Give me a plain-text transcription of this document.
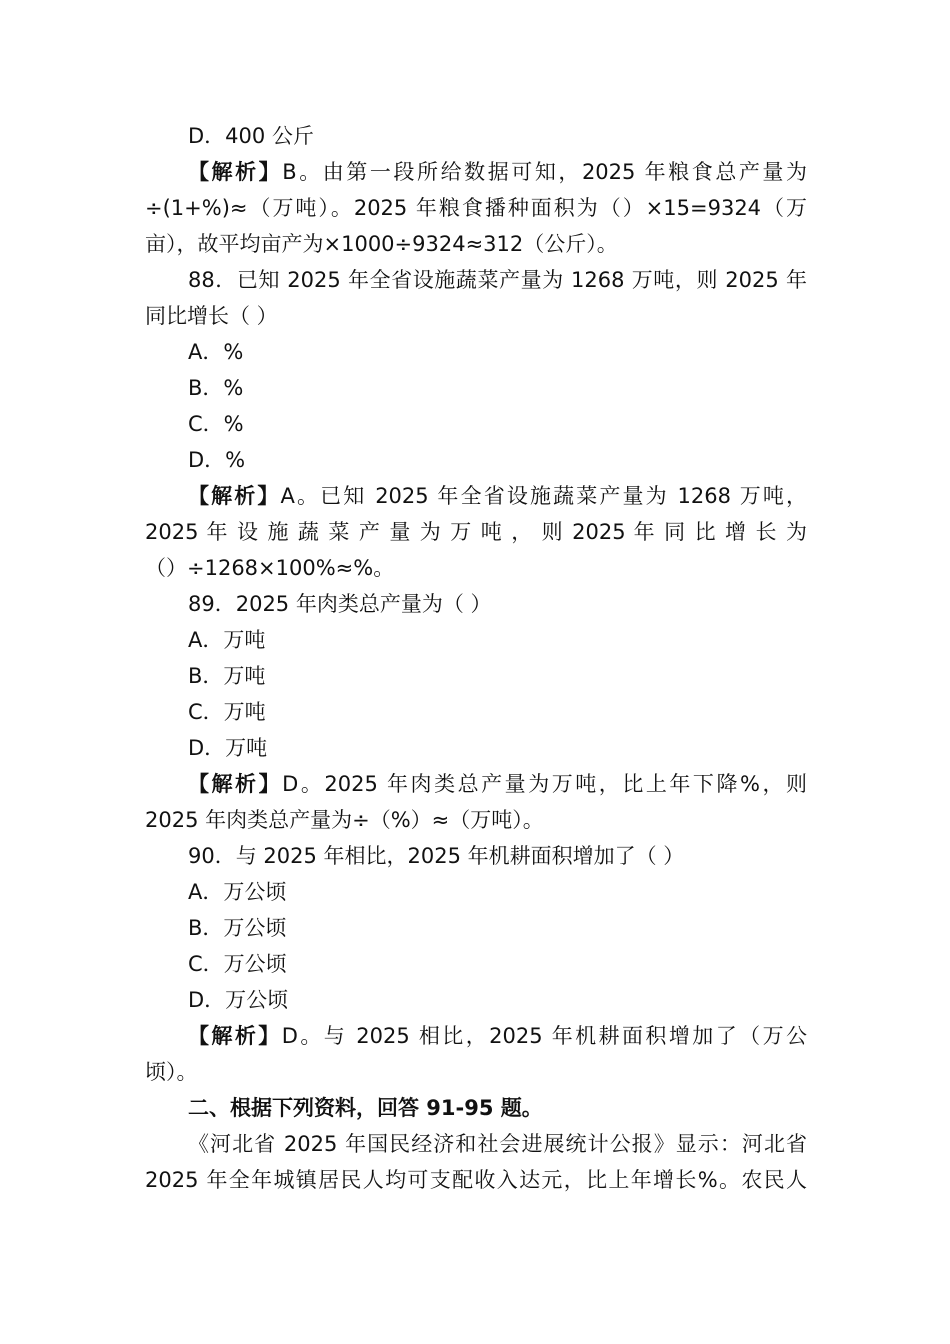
D．400 公斤
【解析】B。由第一段所给数据可知，2025 年粮食总产量为
÷(1+%)≈（万吨）。2025 年粮食播种面积为（）×15=9324（万
亩），故平均亩产为×1000÷9324≈312（公斤）。
88．已知 2025 年全省设施蔬菜产量为 1268 万吨，则 2025 年
同比增长（ ）
A．%
B．%
C．%
D．%
【解析】A。已知 2025 年全省设施蔬菜产量为 1268 万吨，
2025 年 设 施 蔬 菜 产 量 为 万 吨 ， 则 2025 年 同 比 增 长 为
（）÷1268×100%≈%。
89．2025 年肉类总产量为（ ）
A．万吨
B．万吨
C．万吨
D．万吨
【解析】D。2025 年肉类总产量为万吨，比上年下降%，则
2025 年肉类总产量为÷（%）≈（万吨）。
90．与 2025 年相比，2025 年机耕面积增加了（ ）
A．万公顷
B．万公顷
C．万公顷
D．万公顷
【解析】D。与 2025 相比，2025 年机耕面积增加了（万公
顷）。
二、根据下列资料，回答 91-95 题。
《河北省 2025 年国民经济和社会进展统计公报》显示：河北省
2025 年全年城镇居民人均可支配收入达元，比上年增长%。农民人
